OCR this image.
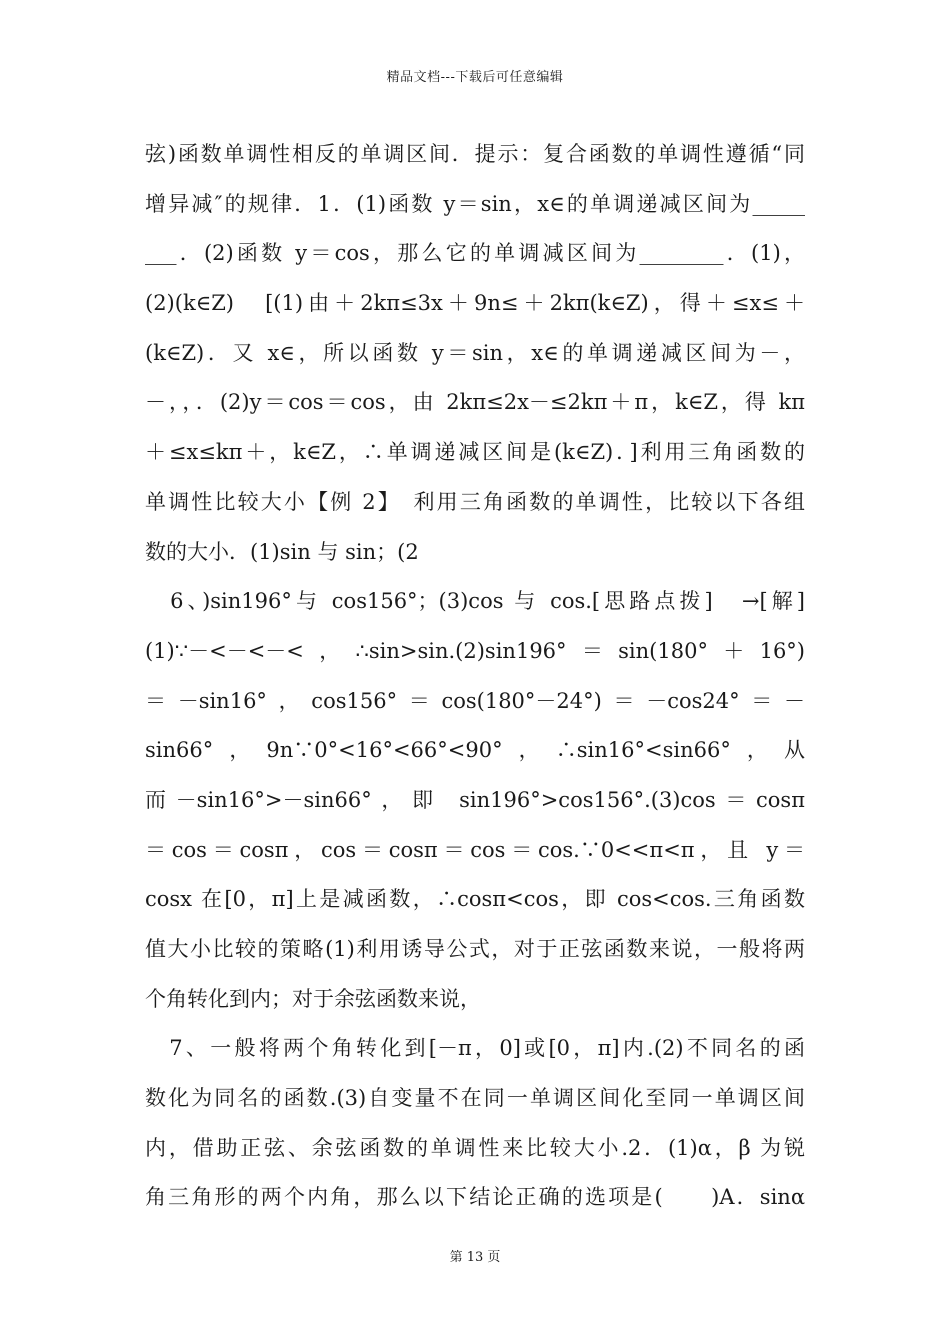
精品文档---下载后可任意编辑
弦)函数单调性相反的单调区间．提示：复合函数的单调性遵循“同
增异减″的规律．1．(1)函数 y＝sin，x∈的单调递减区间为_____
___．(2)函数 y＝cos，那么它的单调减区间为________．(1)，
(2)(k∈Z)　[(1)由＋2kπ≤3x＋9n≤＋2kπ(k∈Z)，得＋≤x≤＋
(k∈Z)．又 x∈，所以函数 y＝sin，x∈的单调递减区间为－，
－，，．(2)y＝cos＝cos，由 2kπ≤2x－≤2kπ＋π，k∈Z，得 kπ
＋≤x≤kπ＋，k∈Z，∴单调递减区间是(k∈Z)．]利用三角函数的
单调性比较大小【例 2】　利用三角函数的单调性，比较以下各组
数的大小．(1)sin 与 sin；(2
　6、)sin196°与 cos156°；(3)cos 与 cos.[思路点拨]　→[解]
(1)∵－<－<－<，∴sin>sin.(2)sin196°＝sin(180°＋16°)
＝－sin16°，cos156°＝cos(180°－24°)＝－cos24°＝－
sin66°，9n∵0°<16°<66°<90°，∴sin16°<sin66°，从
而－sin16°>－sin66°，即 sin196°>cos156°.(3)cos＝cosπ
＝cos＝cosπ，cos＝cosπ＝cos＝cos.∵0<<π<π，且 y＝
cosx 在[0，π]上是减函数，∴cosπ<cos，即 cos<cos.三角函数
值大小比较的策略(1)利用诱导公式，对于正弦函数来说，一般将两
个角转化到内；对于余弦函数来说，
　7、一般将两个角转化到[－π，0]或[0，π]内.(2)不同名的函
数化为同名的函数.(3)自变量不在同一单调区间化至同一单调区间
内，借助正弦、余弦函数的单调性来比较大小.2．(1)α，β 为锐
角三角形的两个内角，那么以下结论正确的选项是(　　)A．sinα
第 13 页
